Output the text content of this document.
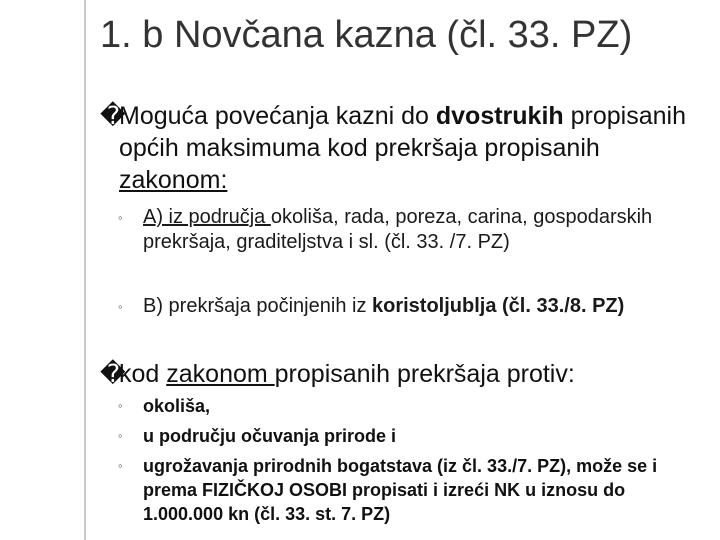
1. b Novčana kazna (čl. 33. PZ)
�
Moguća povećanja kazni do dvostrukih propisanih općih maksimuma kod prekršaja propisanih zakonom:
◦	A) iz područja okoliša, rada, poreza, carina, gospodarskih prekršaja, graditeljstva i sl. (čl. 33. /7. PZ)
◦	B) prekršaja počinjenih iz koristoljublja (čl. 33./8. PZ)
�
kod zakonom propisanih prekršaja protiv:
◦	okoliša,
◦	u području očuvanja prirode i
◦	ugrožavanja prirodnih bogatstava (iz čl. 33./7. PZ), može se i prema FIZIČKOJ OSOBI propisati i izreći NK u iznosu do 1.000.000 kn (čl. 33. st. 7. PZ)
